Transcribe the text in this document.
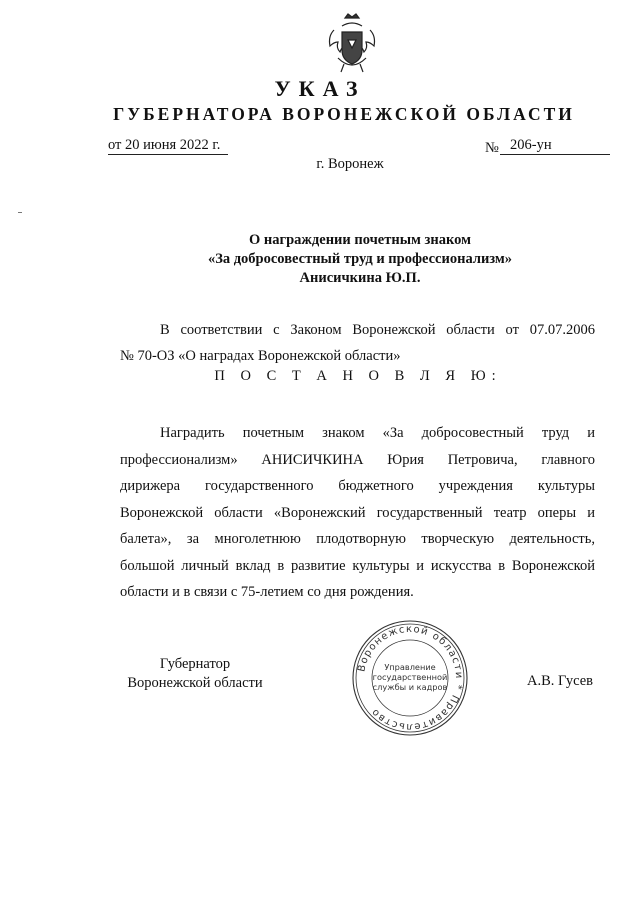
УКАЗ
ГУБЕРНАТОРА ВОРОНЕЖСКОЙ ОБЛАСТИ
от 20 июня 2022 г.	№ 206-ун
г. Воронеж
О награждении почетным знаком
«За добросовестный труд и профессионализм»
Анисичкина Ю.П.
В соответствии с Законом Воронежской области от 07.07.2006
№ 70-ОЗ «О наградах Воронежской области»
П О С Т А Н О В Л Я Ю:
Наградить почетным знаком «За добросовестный труд и
профессионализм» АНИСИЧКИНА Юрия Петровича, главного
дирижера государственного бюджетного учреждения культуры
Воронежской области «Воронежский государственный театр оперы и
балета», за многолетнюю плодотворную творческую деятельность,
большой личный вклад в развитие культуры и искусства в Воронежской
области и в связи с 75-летием со дня рождения.
Губернатор
Воронежской области	А.В. Гусев
Воронежской области * Правительство
Управление
государственной
службы и кадров
